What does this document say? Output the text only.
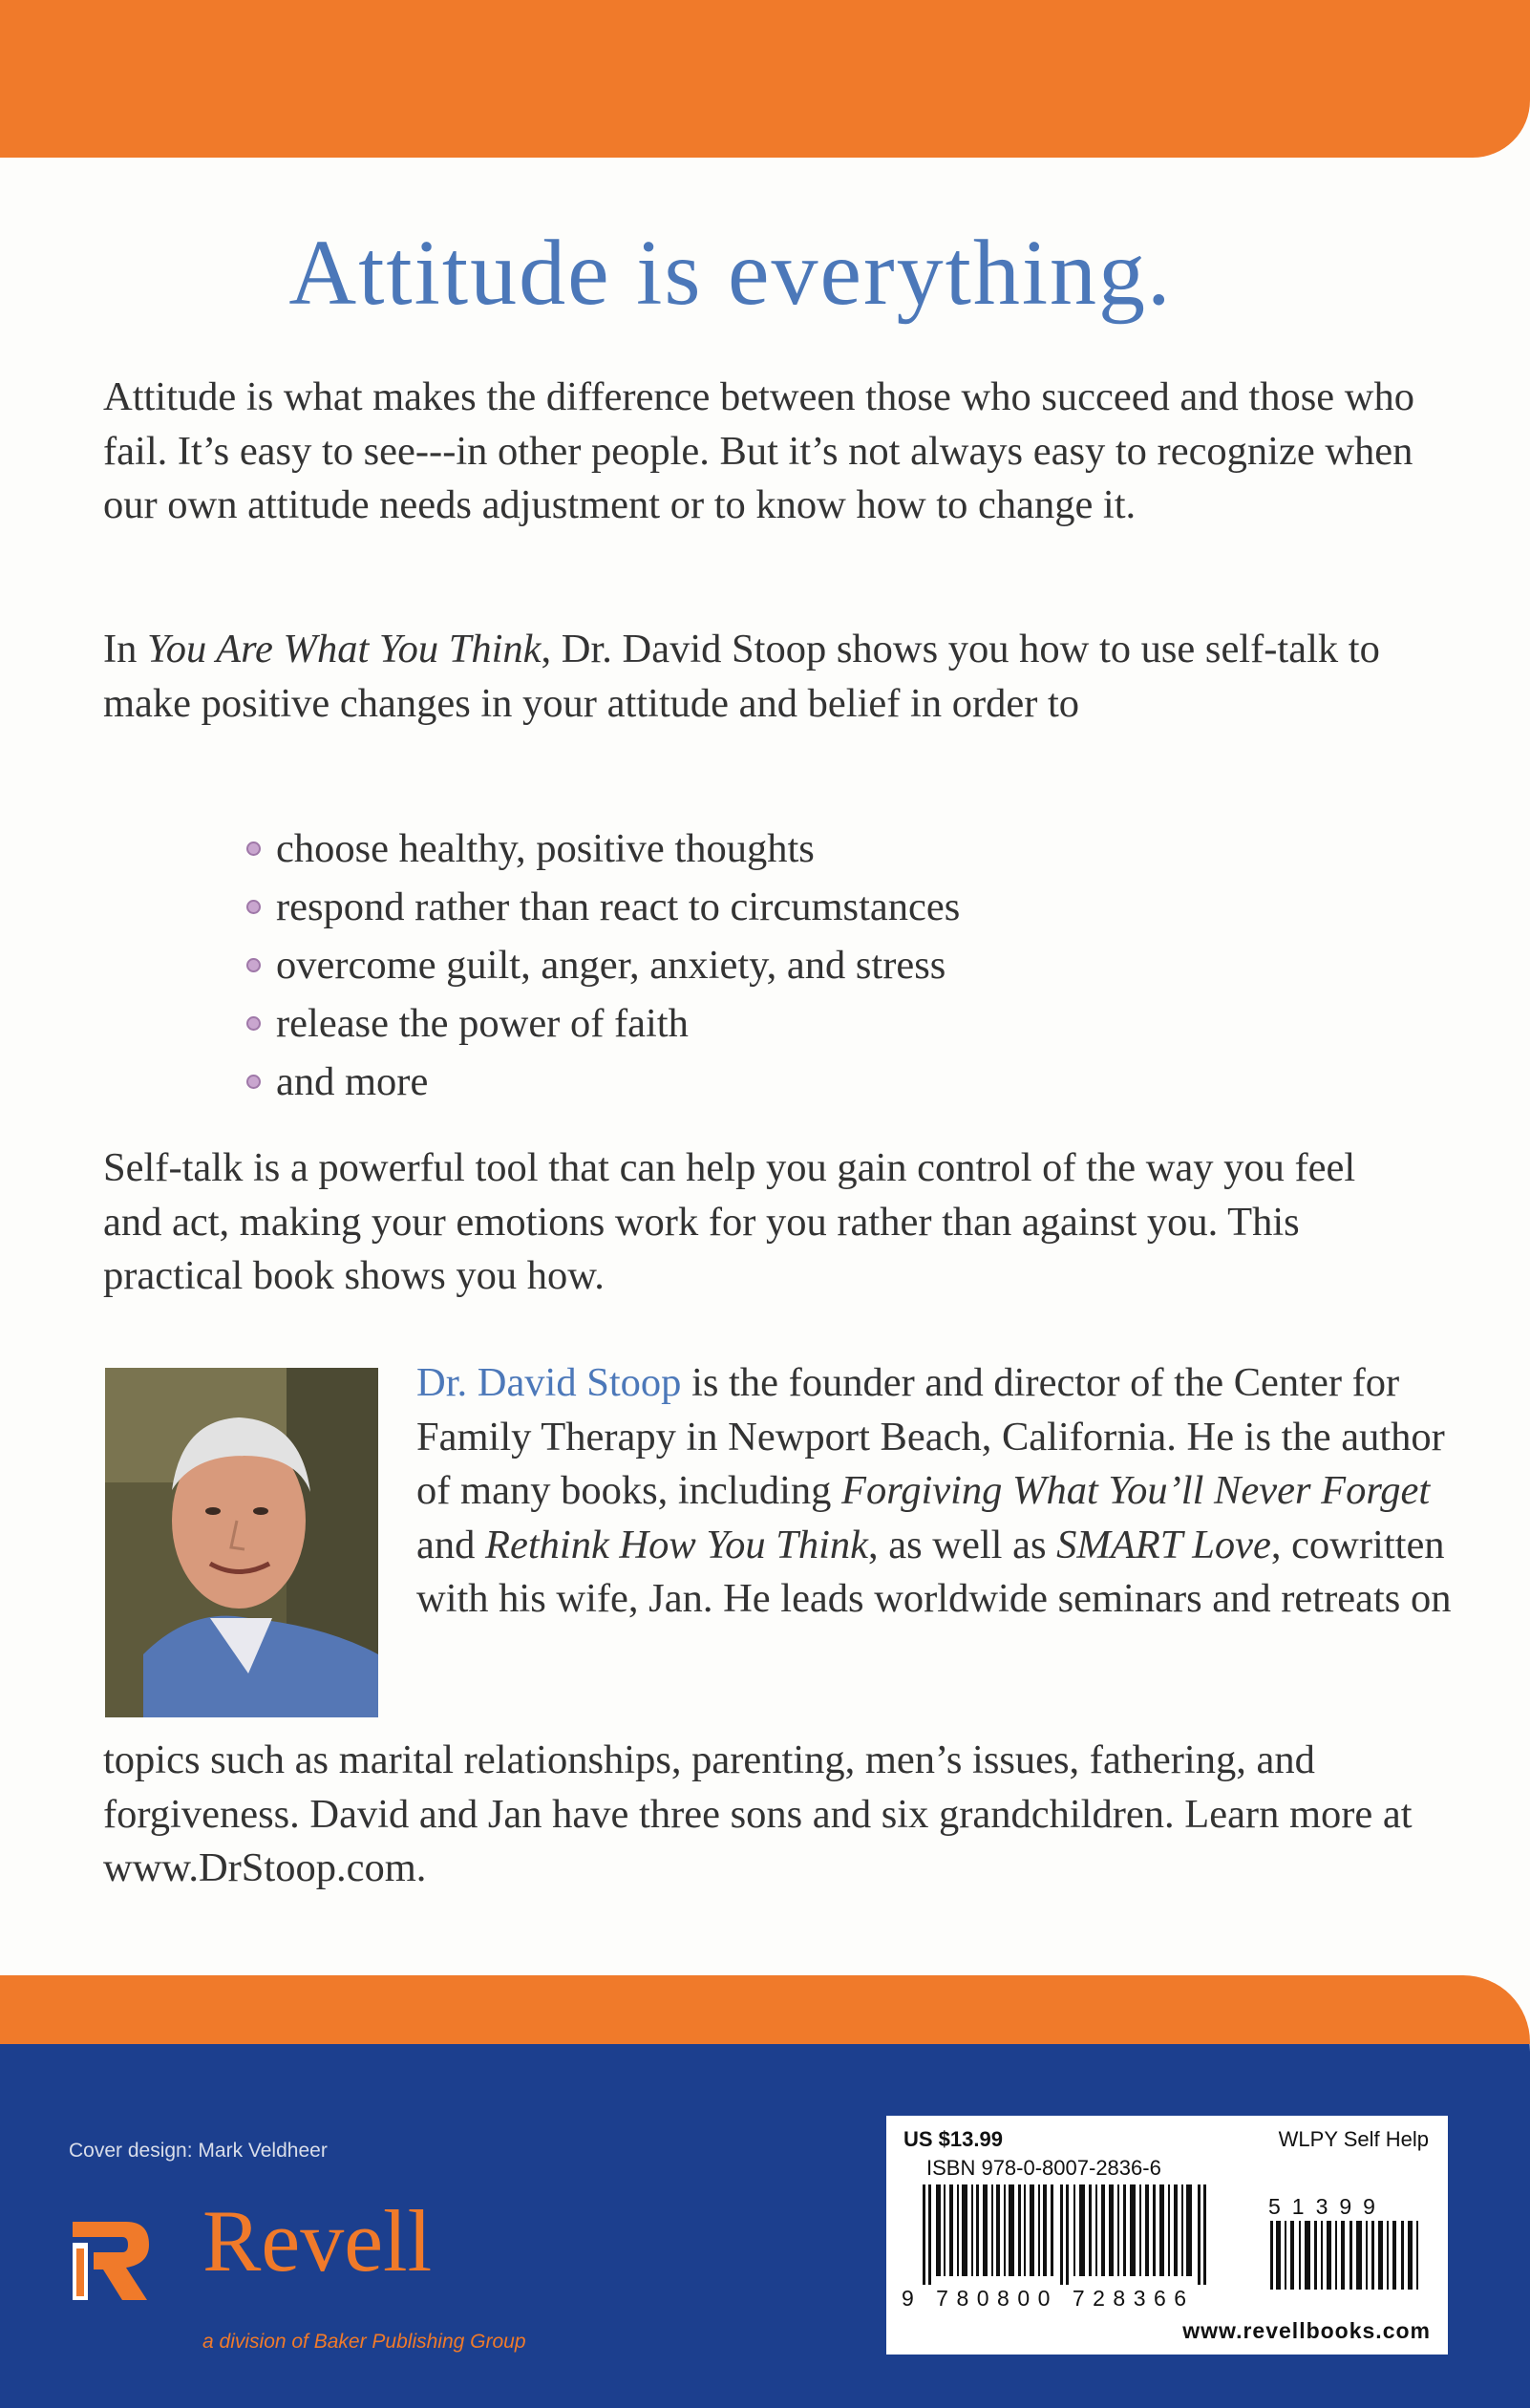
Attitude is everything.

Attitude is what makes the difference between those who succeed and those who fail. It’s easy to see---in other people. But it’s not always easy to recognize when our own attitude needs adjustment or to know how to change it.

In You Are What You Think, Dr. David Stoop shows you how to use self-talk to make positive changes in your attitude and belief in order to

choose healthy, positive thoughts
respond rather than react to circumstances
overcome guilt, anger, anxiety, and stress
release the power of faith
and more

Self-talk is a powerful tool that can help you gain control of the way you feel and act, making your emotions work for you rather than against you. This practical book shows you how.

Dr. David Stoop is the founder and director of the Center for Family Therapy in Newport Beach, California. He is the author of many books, including Forgiving What You’ll Never Forget and Rethink How You Think, as well as SMART Love, cowritten with his wife, Jan. He leads worldwide seminars and retreats on

topics such as marital relationships, parenting, men’s issues, fathering, and forgiveness. David and Jan have three sons and six grandchildren. Learn more at www.DrStoop.com.

Cover design: Mark Veldheer
Revell
a division of Baker Publishing Group
US $13.99	WLPY Self Help
ISBN 978-0-8007-2836-6
9 780800 728366
51399
www.revellbooks.com
